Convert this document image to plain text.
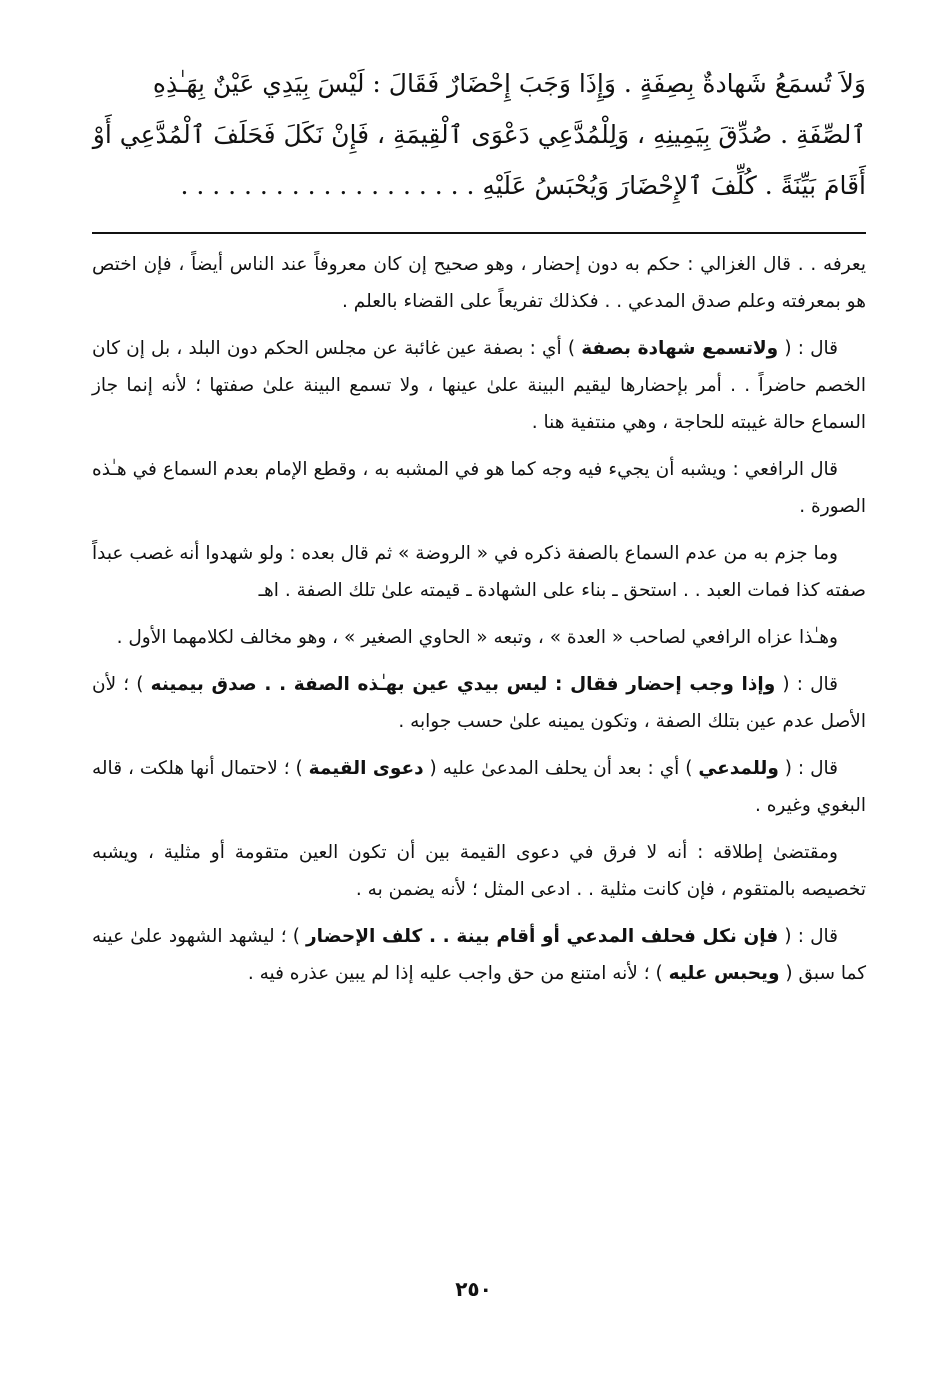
وَلاَ تُسمَعُ شَهادةٌ بِصِفَةٍ . وَإِذَا وَجَبَ إِحْضَارٌ فَقَالَ : لَيْسَ بِيَدِي عَيْنٌ بِهَـٰذِهِ

ٱلصِّفَةِ . صُدِّقَ بِيَمِينِهِ ، وَلِلْمُدَّعِي دَعْوَى ٱلْقِيمَةِ ، فَإِنْ نَكَلَ فَحَلَفَ ٱلْمُدَّعِي أَوْ

أَقَامَ بَيِّنَةً . كُلِّفَ ٱلإِحْضَارَ وَيُحْبَسُ عَلَيْهِ . . . . . . . . . . . . . . . . . . .

يعرفه . . قال الغزالي : حكم به دون إحضار ، وهو صحيح إن كان معروفاً عند الناس أيضاً ، فإن اختص هو بمعرفته وعلم صدق المدعي . . فكذلك تفريعاً على القضاء بالعلم .

قال : ( ولاتسمع شهادة بصفة ) أي : بصفة عين غائبة عن مجلس الحكم دون البلد ، بل إن كان الخصم حاضراً . . أمر بإحضارها ليقيم البينة علىٰ عينها ، ولا تسمع البينة علىٰ صفتها ؛ لأنه إنما جاز السماع حالة غيبته للحاجة ، وهي منتفية هنا .

قال الرافعي : ويشبه أن يجيء فيه وجه كما هو في المشبه به ، وقطع الإمام بعدم السماع في هـٰذه الصورة .

وما جزم به من عدم السماع بالصفة ذكره في « الروضة » ثم قال بعده : ولو شهدوا أنه غصب عبداً صفته كذا فمات العبد . . استحق ـ بناء على الشهادة ـ قيمته علىٰ تلك الصفة . اهـ

وهـٰذا عزاه الرافعي لصاحب « العدة » ، وتبعه « الحاوي الصغير » ، وهو مخالف لكلامهما الأول .

قال : ( وإذا وجب إحضار فقال : ليس بيدي عين بهـٰذه الصفة . . صدق بيمينه ) ؛ لأن الأصل عدم عين بتلك الصفة ، وتكون يمينه علىٰ حسب جوابه .

قال : ( وللمدعي ) أي : بعد أن يحلف المدعىٰ عليه ( دعوى القيمة ) ؛ لاحتمال أنها هلكت ، قاله البغوي وغيره .

ومقتضىٰ إطلاقه : أنه لا فرق في دعوى القيمة بين أن تكون العين متقومة أو مثلية ، ويشبه تخصيصه بالمتقوم ، فإن كانت مثلية . . ادعى المثل ؛ لأنه يضمن به .

قال : ( فإن نكل فحلف المدعي أو أقام بينة . . كلف الإحضار ) ؛ ليشهد الشهود علىٰ عينه كما سبق ( ويحبس عليه ) ؛ لأنه امتنع من حق واجب عليه إذا لم يبين عذره فيه .

٢٥٠
